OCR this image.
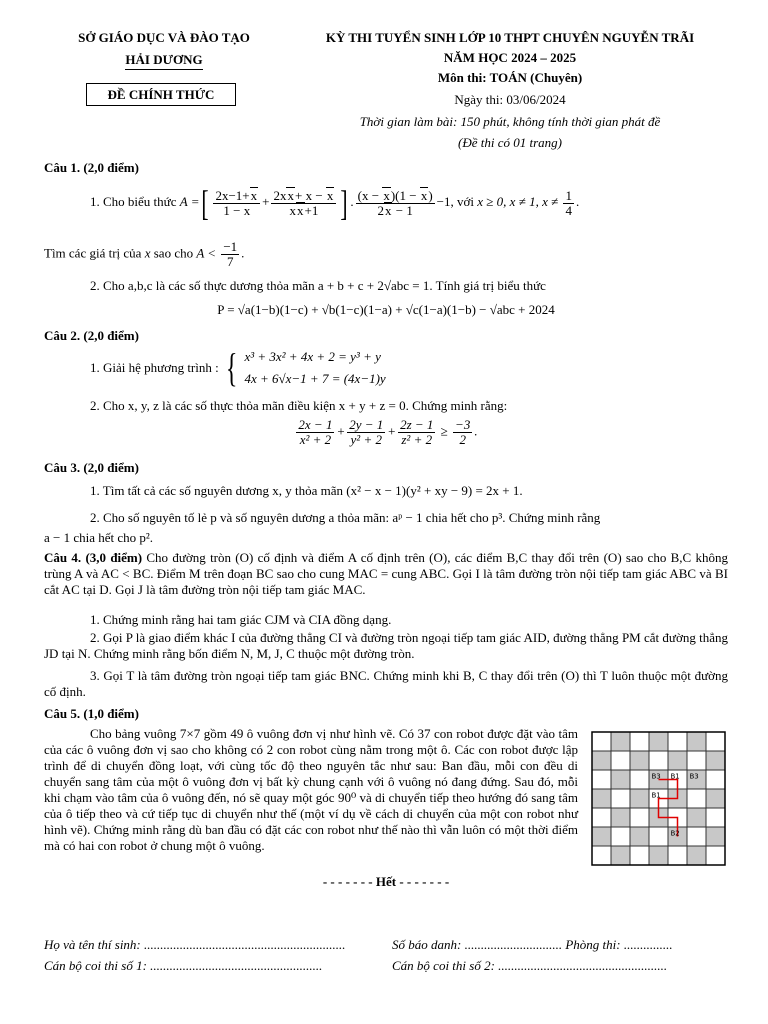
SỞ GIÁO DỤC VÀ ĐÀO TẠO
HẢI DƯƠNG
ĐỀ CHÍNH THỨC
KỲ THI TUYỂN SINH LỚP 10 THPT CHUYÊN NGUYỄN TRÃI
NĂM HỌC 2024 – 2025
Môn thi: TOÁN (Chuyên)
Ngày thi: 03/06/2024
Thời gian làm bài: 150 phút, không tính thời gian phát đề
(Đề thi có 01 trang)
Câu 1. (2,0 điểm)
1. Cho biểu thức A =[ $\frac{2x-1+x}{1 - x} + \frac{2xx+ x - x}{xx+1}$ ] . $\frac{(x - x)(1 - x)}{2x - 1} -1$, với x ≥ 0, x ≠ 1, $x \ne \frac{1}{4}$ .
Tìm các giá trị của x sao cho $A < \frac{-1}{7}$ .
2. Cho a,b,c là các số thực dương thỏa mãn a + b + c + 2√abc = 1. Tính giá trị biểu thức
P = √a(1−b)(1−c) + √b(1−c)(1−a) + √c(1−a)(1−b) − √abc + 2024
Câu 2. (2,0 điểm)
1. Giải hệ phương trình : { x³ + 3x² + 4x + 2 = y³ + y
4x + 6√x−1 + 7 = (4x−1)y
2. Cho x, y, z là các số thực thỏa mãn điều kiện x + y + z = 0. Chứng minh rằng:
$\frac{2x - 1}{\text{x² + 2}} + \frac{2y - 1}{\text{y² + 2}} + \frac{2z - 1}{\text{z² + 2}} \ge \frac{-3}{2}$ .
Câu 3. (2,0 điểm)
1. Tìm tất cả các số nguyên dương x, y thỏa mãn (x² − x − 1)(y² + xy − 9) = 2x + 1.
2. Cho số nguyên tố lẻ p và số nguyên dương a thỏa mãn: aᵖ − 1 chia hết cho p³. Chứng minh rằng
a − 1 chia hết cho p².
Câu 4. (3,0 điểm) Cho đường tròn (O) cố định và điểm A cố định trên (O), các điểm B,C thay đổi trên (O) sao cho B,C không trùng A và AC < BC. Điểm M trên đoạn BC sao cho cung MAC = cung ABC. Gọi I là tâm đường tròn nội tiếp tam giác ABC và BI cắt AC tại D. Gọi J là tâm đường tròn nội tiếp tam giác MAC.
1. Chứng minh rằng hai tam giác CJM và CIA đồng dạng.
2. Gọi P là giao điểm khác I của đường thẳng CI và đường tròn ngoại tiếp tam giác AID, đường thẳng PM cắt đường thẳng JD tại N. Chứng minh rằng bốn điểm N, M, J, C thuộc một đường tròn.
3. Gọi T là tâm đường tròn ngoại tiếp tam giác BNC. Chứng minh khi B, C thay đổi trên (O) thì T luôn thuộc một đường cố định.
Câu 5. (1,0 điểm)
Cho bảng vuông 7×7 gồm 49 ô vuông đơn vị như hình vẽ. Có 37 con robot được đặt vào tâm của các ô vuông đơn vị sao cho không có 2 con robot cùng nằm trong một ô. Các con robot được lập trình để di chuyển đồng loạt, với cùng tốc độ theo nguyên tắc như sau: Ban đầu, mỗi con đều di chuyển sang tâm của một ô vuông đơn vị bất kỳ chung cạnh với ô vuông nó đang đứng. Sau đó, mỗi khi chạm vào tâm của ô vuông đến, nó sẽ quay một góc 90⁰ và di chuyển tiếp theo hướng đó sang tâm của ô tiếp theo và cứ tiếp tục di chuyển như thế (một ví dụ về cách di chuyển của một con robot như hình vẽ). Chứng minh rằng dù ban đầu có đặt các con robot như thế nào thì vẫn luôn có một thời điểm mà có hai con robot ở chung một ô vuông.
B3 B1 B3
B1
B2
- - - - - - - Hết - - - - - - -
Họ và tên thí sinh: ..............................................................	Số báo danh: .............................. Phòng thi: ...............
Cán bộ coi thi số 1: .....................................................	Cán bộ coi thi số 2: ....................................................
